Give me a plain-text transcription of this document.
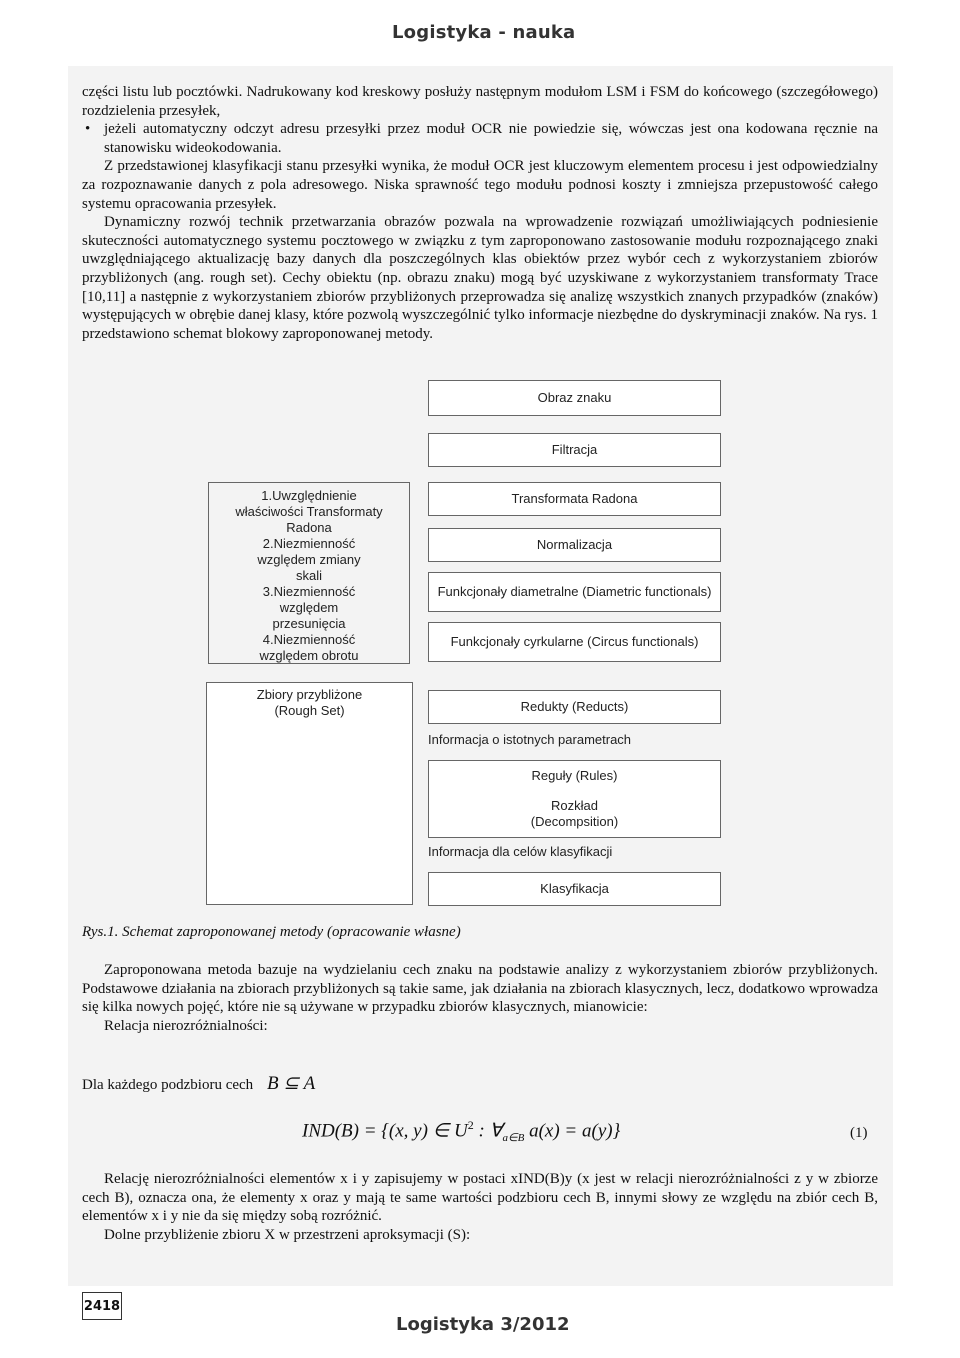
Logistyka - nauka

części listu lub pocztówki. Nadrukowany kod kreskowy posłuży następnym modułom LSM i FSM do końcowego (szczegółowego) rozdzielenia przesyłek,

• jeżeli automatyczny odczyt adresu przesyłki przez moduł OCR nie powiedzie się, wówczas jest ona kodowana ręcznie na stanowisku wideokodowania.

Z przedstawionej klasyfikacji stanu przesyłki wynika, że moduł OCR jest kluczowym elementem procesu i jest odpowiedzialny za rozpoznawanie danych z pola adresowego. Niska sprawność tego modułu podnosi koszty i zmniejsza przepustowość całego systemu opracowania przesyłek.

Dynamiczny rozwój technik przetwarzania obrazów pozwala na wprowadzenie rozwiązań umożliwiających podniesienie skuteczności automatycznego systemu pocztowego w związku z tym zaproponowano zastosowanie modułu rozpoznającego znaki uwzględniającego aktualizację bazy danych dla poszczególnych klas obiektów przez wybór cech z wykorzystaniem zbiorów przybliżonych (ang. rough set). Cechy obiektu (np. obrazu znaku) mogą być uzyskiwane z wykorzystaniem transformaty Trace [10,11] a następnie z wykorzystaniem zbiorów przybliżonych przeprowadza się analizę wszystkich znanych przypadków (znaków) występujących w obrębie danej klasy, które pozwolą wyszczególnić tylko informacje niezbędne do dyskryminacji znaków. Na rys. 1 przedstawiono schemat blokowy zaproponowanej metody.

Obraz znaku
Filtracja
Transformata Radona
Normalizacja
Funkcjonały diametralne (Diametric functionals)
Funkcjonały cyrkularne (Circus functionals)
1.Uwzględnienie właściwości Transformaty Radona
2.Niezmienność względem zmiany skali
3.Niezmienność względem przesunięcia
4.Niezmienność względem obrotu
Zbiory przybliżone (Rough Set)	Redukty (Reducts)
Informacja o istotnych parametrach
Reguły (Rules)
Rozkład (Decompsition)
Informacja dla celów klasyfikacji
Klasyfikacja
Rys.1. Schemat zaproponowanej metody (opracowanie własne)

Zaproponowana metoda bazuje na wydzielaniu cech znaku na podstawie analizy z wykorzystaniem zbiorów przybliżonych. Podstawowe działania na zbiorach przybliżonych są takie same, jak działania na zbiorach klasycznych, lecz, dodatkowo wprowadza się kilka nowych pojęć, które nie są używane w przypadku zbiorów klasycznych, mianowicie:

Relacja nierozróżnialności:

Dla każdego podzbioru cech B ⊆ A
IND(B) = {(x, y) ∈ $U^2$ : $\forall_{a\in B}$ a(x) = a(y)}	(1)

Relację nierozróżnialności elementów x i y zapisujemy w postaci xIND(B)y (x jest w relacji nierozróżnialności z y w zbiorze cech B), oznacza ona, że elementy x oraz y mają te same wartości podzbioru cech B, innymi słowy ze względu na zbiór cech B, elementów x i y nie da się między sobą rozróżnić.

Dolne przybliżenie zbioru X w przestrzeni aproksymacji (S):

2418
Logistyka 3/2012
